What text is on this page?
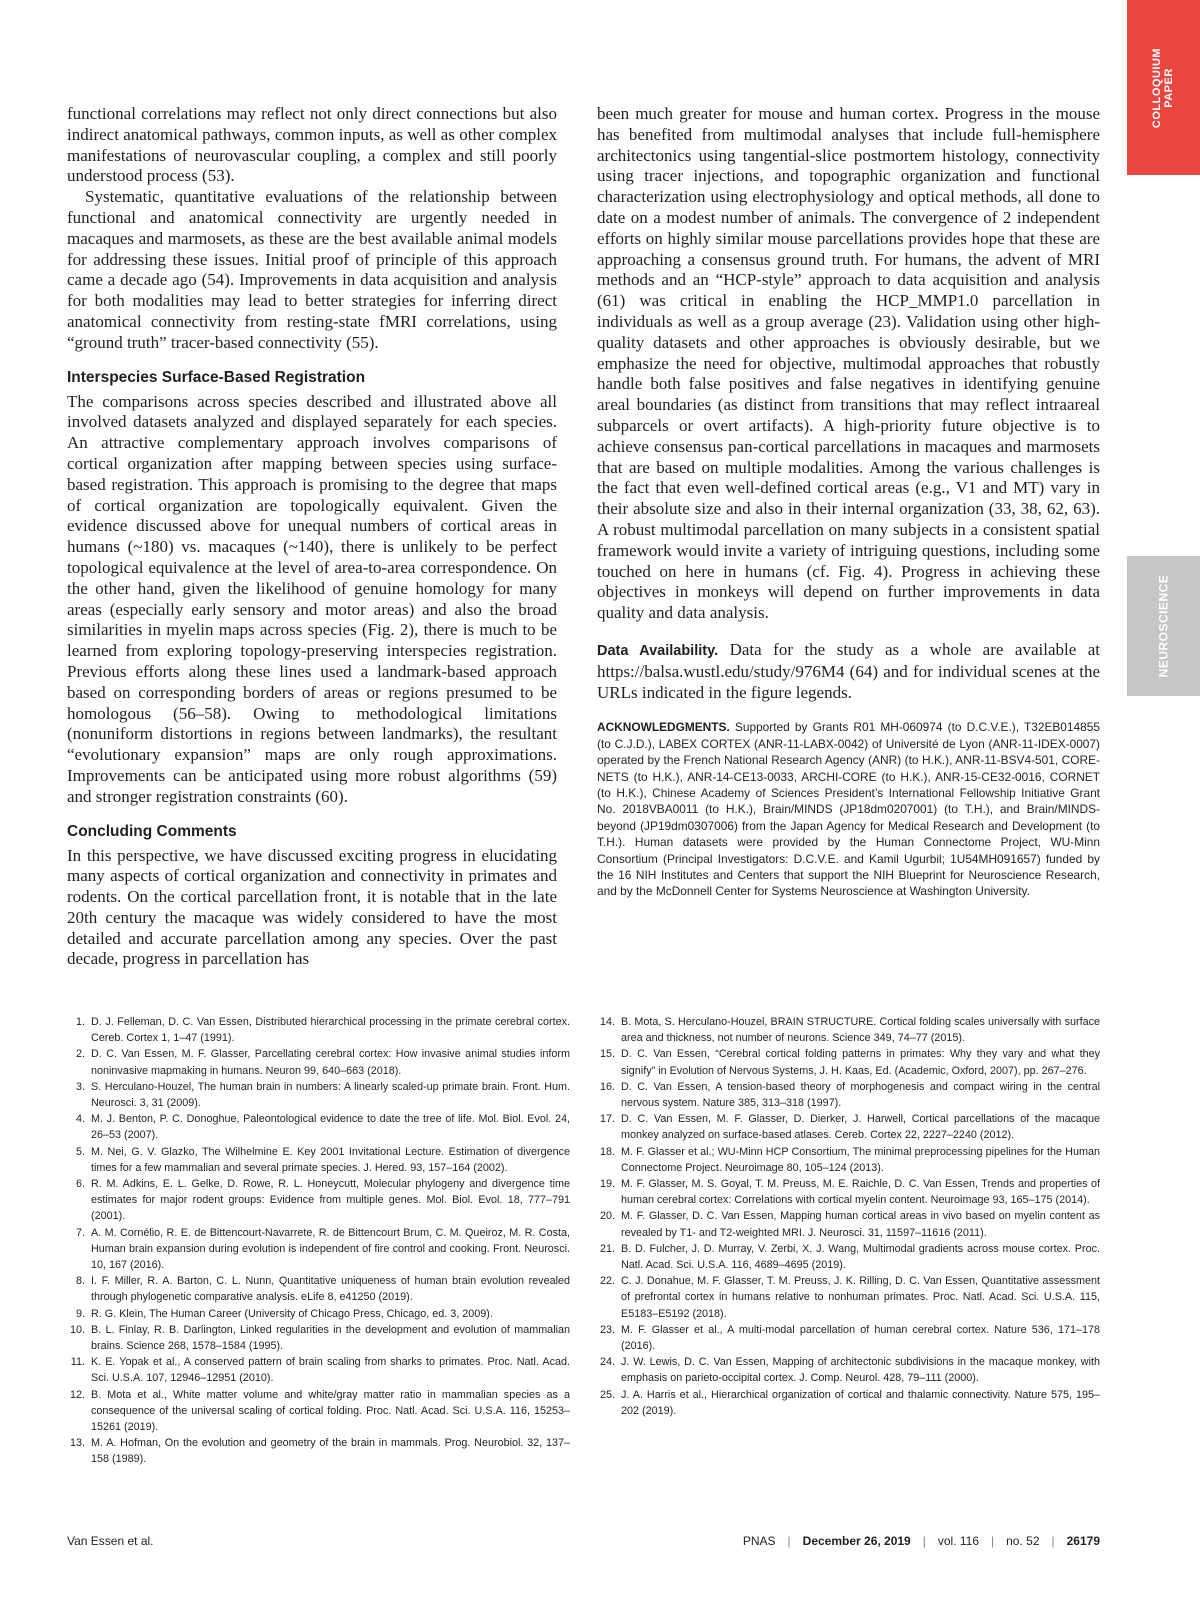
COLLOQUIUM
PAPER
NEUROSCIENCE

functional correlations may reflect not only direct connections but also indirect anatomical pathways, common inputs, as well as other complex manifestations of neurovascular coupling, a complex and still poorly understood process (53).

Systematic, quantitative evaluations of the relationship between functional and anatomical connectivity are urgently needed in macaques and marmosets, as these are the best available animal models for addressing these issues. Initial proof of principle of this approach came a decade ago (54). Improvements in data acquisition and analysis for both modalities may lead to better strategies for inferring direct anatomical connectivity from resting-state fMRI correlations, using “ground truth” tracer-based connectivity (55).

Interspecies Surface-Based Registration

The comparisons across species described and illustrated above all involved datasets analyzed and displayed separately for each species. An attractive complementary approach involves comparisons of cortical organization after mapping between species using surface-based registration. This approach is promising to the degree that maps of cortical organization are topologically equivalent. Given the evidence discussed above for unequal numbers of cortical areas in humans (~180) vs. macaques (~140), there is unlikely to be perfect topological equivalence at the level of area-to-area correspondence. On the other hand, given the likelihood of genuine homology for many areas (especially early sensory and motor areas) and also the broad similarities in myelin maps across species (Fig. 2), there is much to be learned from exploring topology-preserving interspecies registration. Previous efforts along these lines used a landmark-based approach based on corresponding borders of areas or regions presumed to be homologous (56–58). Owing to methodological limitations (nonuniform distortions in regions between landmarks), the resultant “evolutionary expansion” maps are only rough approximations. Improvements can be anticipated using more robust algorithms (59) and stronger registration constraints (60).

Concluding Comments

In this perspective, we have discussed exciting progress in elucidating many aspects of cortical organization and connectivity in primates and rodents. On the cortical parcellation front, it is notable that in the late 20th century the macaque was widely considered to have the most detailed and accurate parcellation among any species. Over the past decade, progress in parcellation has

been much greater for mouse and human cortex. Progress in the mouse has benefited from multimodal analyses that include full-hemisphere architectonics using tangential-slice postmortem histology, connectivity using tracer injections, and topographic organization and functional characterization using electrophysiology and optical methods, all done to date on a modest number of animals. The convergence of 2 independent efforts on highly similar mouse parcellations provides hope that these are approaching a consensus ground truth. For humans, the advent of MRI methods and an “HCP-style” approach to data acquisition and analysis (61) was critical in enabling the HCP_MMP1.0 parcellation in individuals as well as a group average (23). Validation using other high-quality datasets and other approaches is obviously desirable, but we emphasize the need for objective, multimodal approaches that robustly handle both false positives and false negatives in identifying genuine areal boundaries (as distinct from transitions that may reflect intraareal subparcels or overt artifacts). A high-priority future objective is to achieve consensus pan-cortical parcellations in macaques and marmosets that are based on multiple modalities. Among the various challenges is the fact that even well-defined cortical areas (e.g., V1 and MT) vary in their absolute size and also in their internal organization (33, 38, 62, 63). A robust multimodal parcellation on many subjects in a consistent spatial framework would invite a variety of intriguing questions, including some touched on here in humans (cf. Fig. 4). Progress in achieving these objectives in monkeys will depend on further improvements in data quality and data analysis.

Data Availability. Data for the study as a whole are available at https://balsa.wustl.edu/study/976M4 (64) and for individual scenes at the URLs indicated in the figure legends.

ACKNOWLEDGMENTS. Supported by Grants R01 MH-060974 (to D.C.V.E.), T32EB014855 (to C.J.D.), LABEX CORTEX (ANR-11-LABX-0042) of Université de Lyon (ANR-11-IDEX-0007) operated by the French National Research Agency (ANR) (to H.K.), ANR-11-BSV4-501, CORE-NETS (to H.K.), ANR-14-CE13-0033, ARCHI-CORE (to H.K.), ANR-15-CE32-0016, CORNET (to H.K.), Chinese Academy of Sciences President’s International Fellowship Initiative Grant No. 2018VBA0011 (to H.K.), Brain/MINDS (JP18dm0207001) (to T.H.), and Brain/MINDS-beyond (JP19dm0307006) from the Japan Agency for Medical Research and Development (to T.H.). Human datasets were provided by the Human Connectome Project, WU-Minn Consortium (Principal Investigators: D.C.V.E. and Kamil Ugurbil; 1U54MH091657) funded by the 16 NIH Institutes and Centers that support the NIH Blueprint for Neuroscience Research, and by the McDonnell Center for Systems Neuroscience at Washington University.

1. D. J. Felleman, D. C. Van Essen, Distributed hierarchical processing in the primate cerebral cortex. Cereb. Cortex 1, 1–47 (1991).
2. D. C. Van Essen, M. F. Glasser, Parcellating cerebral cortex: How invasive animal studies inform noninvasive mapmaking in humans. Neuron 99, 640–663 (2018).
3. S. Herculano-Houzel, The human brain in numbers: A linearly scaled-up primate brain. Front. Hum. Neurosci. 3, 31 (2009).
4. M. J. Benton, P. C. Donoghue, Paleontological evidence to date the tree of life. Mol. Biol. Evol. 24, 26–53 (2007).
5. M. Nei, G. V. Glazko, The Wilhelmine E. Key 2001 Invitational Lecture. Estimation of divergence times for a few mammalian and several primate species. J. Hered. 93, 157–164 (2002).
6. R. M. Adkins, E. L. Gelke, D. Rowe, R. L. Honeycutt, Molecular phylogeny and divergence time estimates for major rodent groups: Evidence from multiple genes. Mol. Biol. Evol. 18, 777–791 (2001).
7. A. M. Cornélio, R. E. de Bittencourt-Navarrete, R. de Bittencourt Brum, C. M. Queiroz, M. R. Costa, Human brain expansion during evolution is independent of fire control and cooking. Front. Neurosci. 10, 167 (2016).
8. I. F. Miller, R. A. Barton, C. L. Nunn, Quantitative uniqueness of human brain evolution revealed through phylogenetic comparative analysis. eLife 8, e41250 (2019).
9. R. G. Klein, The Human Career (University of Chicago Press, Chicago, ed. 3, 2009).
10. B. L. Finlay, R. B. Darlington, Linked regularities in the development and evolution of mammalian brains. Science 268, 1578–1584 (1995).
11. K. E. Yopak et al., A conserved pattern of brain scaling from sharks to primates. Proc. Natl. Acad. Sci. U.S.A. 107, 12946–12951 (2010).
12. B. Mota et al., White matter volume and white/gray matter ratio in mammalian species as a consequence of the universal scaling of cortical folding. Proc. Natl. Acad. Sci. U.S.A. 116, 15253–15261 (2019).
13. M. A. Hofman, On the evolution and geometry of the brain in mammals. Prog. Neurobiol. 32, 137–158 (1989).
14. B. Mota, S. Herculano-Houzel, BRAIN STRUCTURE. Cortical folding scales universally with surface area and thickness, not number of neurons. Science 349, 74–77 (2015).
15. D. C. Van Essen, “Cerebral cortical folding patterns in primates: Why they vary and what they signify” in Evolution of Nervous Systems, J. H. Kaas, Ed. (Academic, Oxford, 2007), pp. 267–276.
16. D. C. Van Essen, A tension-based theory of morphogenesis and compact wiring in the central nervous system. Nature 385, 313–318 (1997).
17. D. C. Van Essen, M. F. Glasser, D. Dierker, J. Harwell, Cortical parcellations of the macaque monkey analyzed on surface-based atlases. Cereb. Cortex 22, 2227–2240 (2012).
18. M. F. Glasser et al.; WU-Minn HCP Consortium, The minimal preprocessing pipelines for the Human Connectome Project. Neuroimage 80, 105–124 (2013).
19. M. F. Glasser, M. S. Goyal, T. M. Preuss, M. E. Raichle, D. C. Van Essen, Trends and properties of human cerebral cortex: Correlations with cortical myelin content. Neuroimage 93, 165–175 (2014).
20. M. F. Glasser, D. C. Van Essen, Mapping human cortical areas in vivo based on myelin content as revealed by T1- and T2-weighted MRI. J. Neurosci. 31, 11597–11616 (2011).
21. B. D. Fulcher, J. D. Murray, V. Zerbi, X. J. Wang, Multimodal gradients across mouse cortex. Proc. Natl. Acad. Sci. U.S.A. 116, 4689–4695 (2019).
22. C. J. Donahue, M. F. Glasser, T. M. Preuss, J. K. Rilling, D. C. Van Essen, Quantitative assessment of prefrontal cortex in humans relative to nonhuman primates. Proc. Natl. Acad. Sci. U.S.A. 115, E5183–E5192 (2018).
23. M. F. Glasser et al., A multi-modal parcellation of human cerebral cortex. Nature 536, 171–178 (2016).
24. J. W. Lewis, D. C. Van Essen, Mapping of architectonic subdivisions in the macaque monkey, with emphasis on parieto-occipital cortex. J. Comp. Neurol. 428, 79–111 (2000).
25. J. A. Harris et al., Hierarchical organization of cortical and thalamic connectivity. Nature 575, 195–202 (2019).
Van Essen et al.	PNAS | December 26, 2019 | vol. 116 | no. 52 | 26179
